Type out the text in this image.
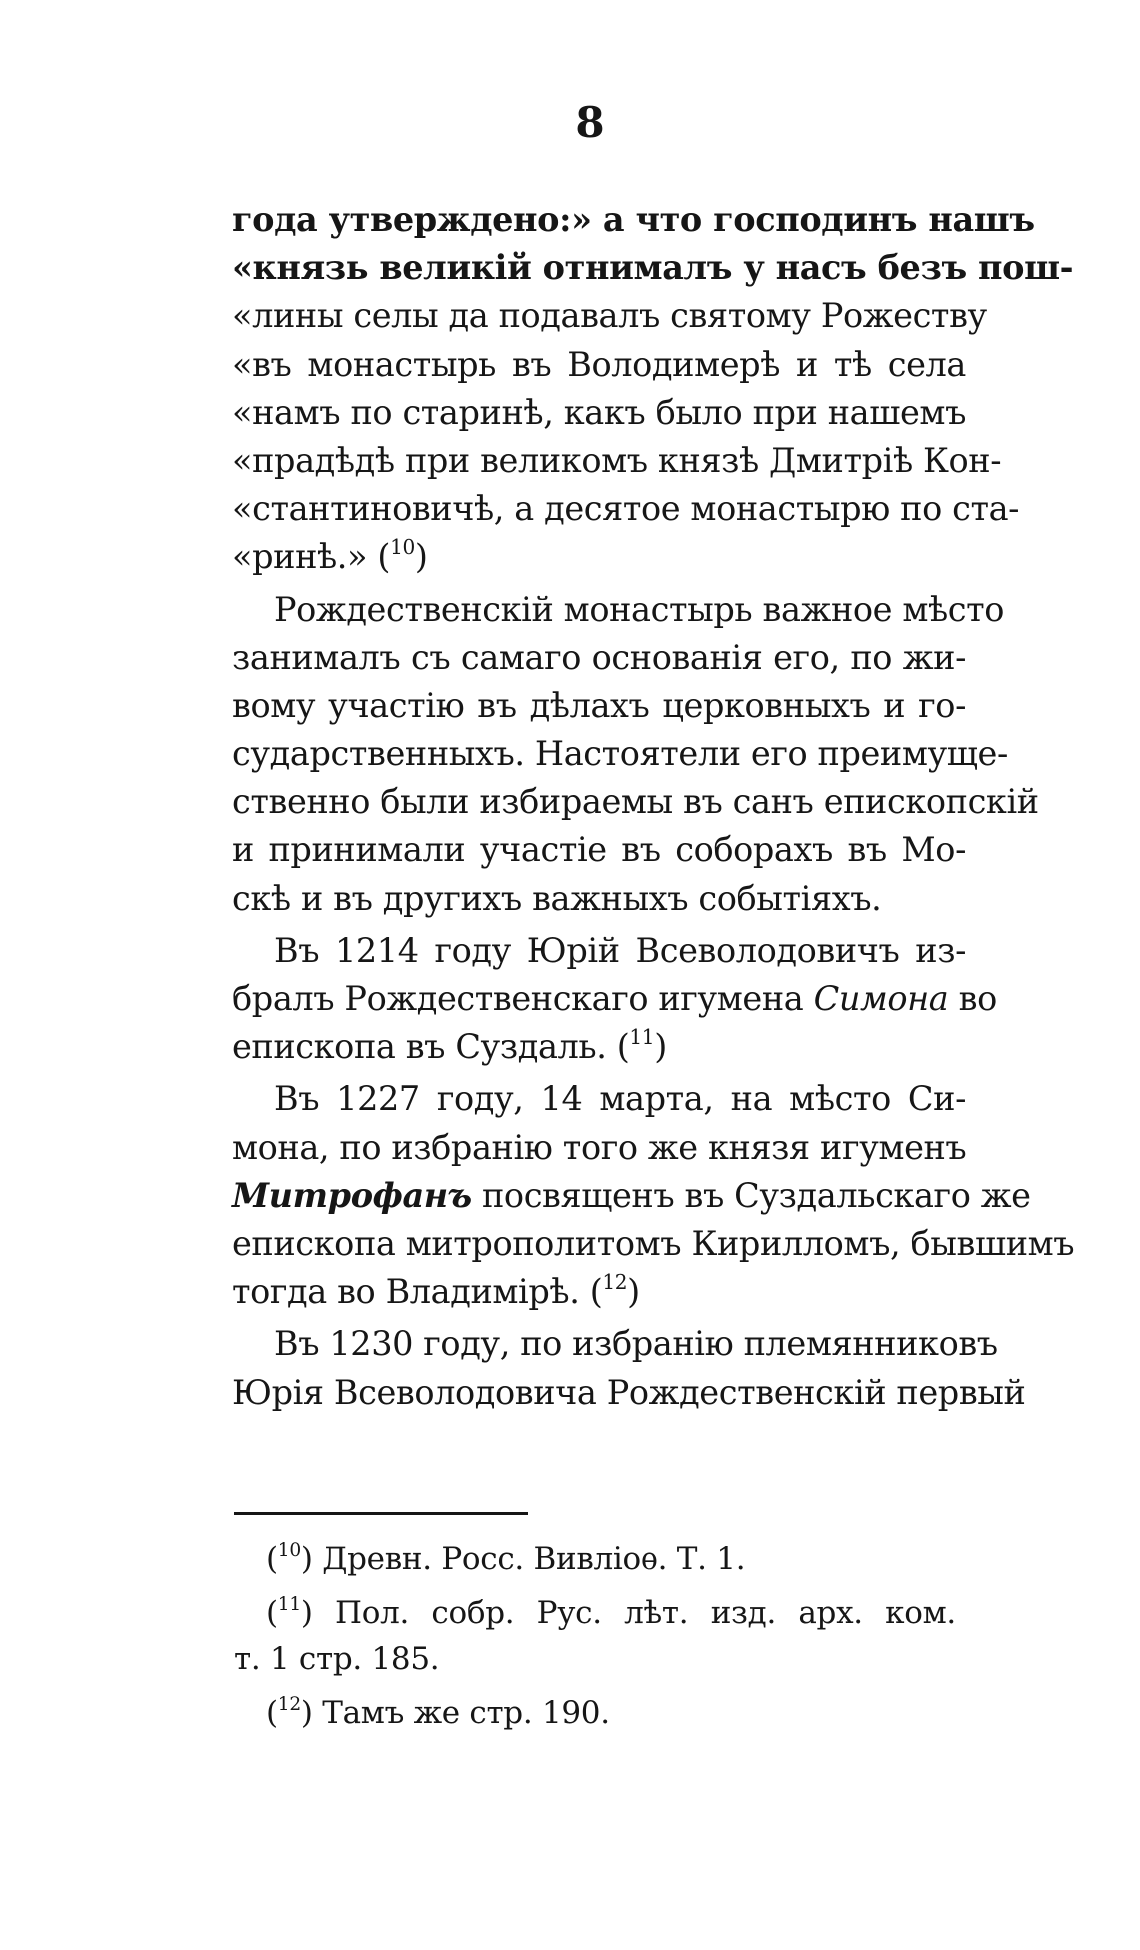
8
года утверждено:» а что господинъ нашъ
«князь великій отнималъ у насъ безъ пош-
«лины селы да подавалъ святому Рожеству
«въ монастырь въ Володимерѣ и тѣ села
«намъ по старинѣ, какъ было при нашемъ
«прадѣдѣ при великомъ князѣ Дмитріѣ Кон-
«стантиновичѣ, а десятое монастырю по ста-
«ринѣ.» ($^{10}$)
Рождественскій монастырь важное мѣсто
занималъ съ самаго основанія его, по жи-
вому участію въ дѣлахъ церковныхъ и го-
сударственныхъ. Настоятели его преимуще-
ственно были избираемы въ санъ епископскій
и принимали участіе въ соборахъ въ Мо-
скѣ и въ другихъ важныхъ событіяхъ.
Въ 1214 году Юрій Всеволодовичъ из-
бралъ Рождественскаго игумена Симона во
епископа въ Суздаль. ($^{11}$)
Въ 1227 году, 14 марта, на мѣсто Си-
мона, по избранію того же князя игуменъ
Митрофанъ посвященъ въ Суздальскаго же
епископа митрополитомъ Кирилломъ, бывшимъ
тогда во Владимірѣ. ($^{12}$)
Въ 1230 году, по избранію племянниковъ
Юрія Всеволодовича Рождественскій первый
($^{10}$) Древн. Росс. Вивліоѳ. Т. 1.
($^{11}$) Пол. собр. Рус. лѣт. изд. арх. ком.
т. 1 стр. 185.
($^{12}$) Тамъ же стр. 190.
